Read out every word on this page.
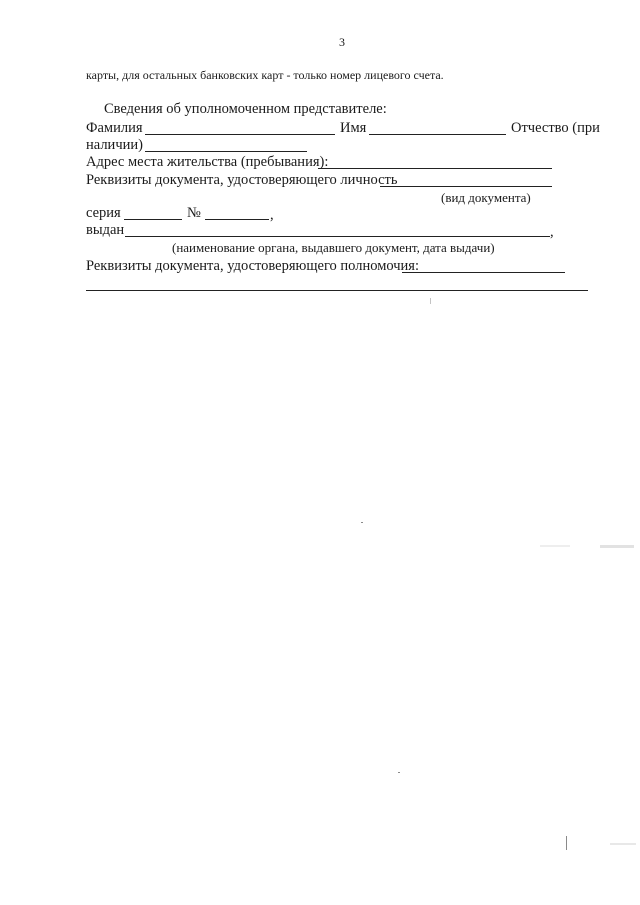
3
карты, для остальных банковских карт - только номер лицевого счета.
Сведения об уполномоченном представителе:
Фамилия	Имя	Отчество (при
наличии)
Адрес места жительства (пребывания):
Реквизиты документа, удостоверяющего личность
(вид документа)
серия	№	,
выдан	,
(наименование органа, выдавшего документ, дата выдачи)
Реквизиты документа, удостоверяющего полномочия:
